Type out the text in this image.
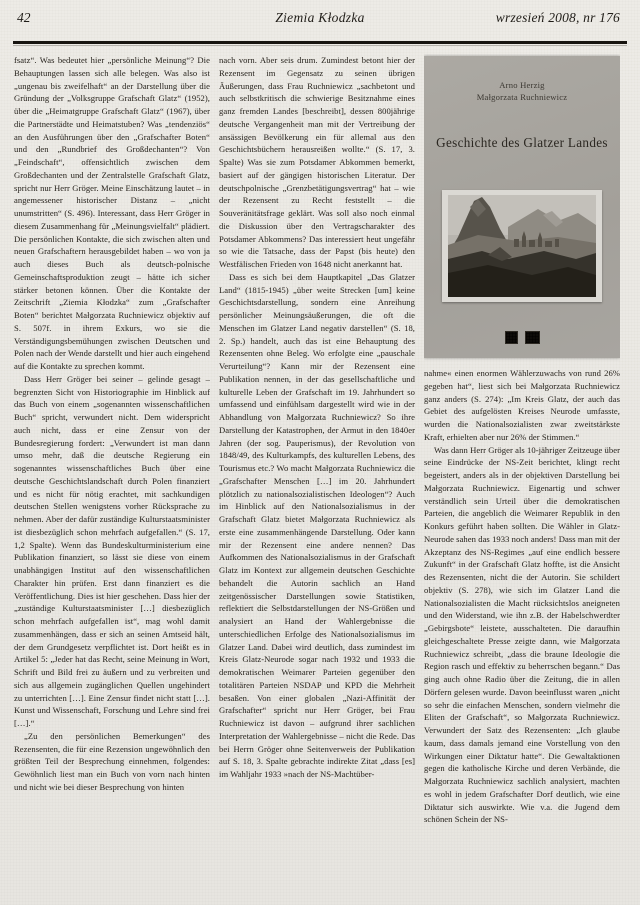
42	Ziemia Kłodzka	wrzesień 2008, nr 176

fsatz“. Was bedeutet hier „persönliche Meinung“? Die Behauptungen lassen sich alle belegen. Was also ist „ungenau bis zweifelhaft“ an der Darstellung über die Gründung der „Volksgruppe Grafschaft Glatz“ (1952), über die „Heimatgruppe Grafschaft Glatz“ (1967), über die Partnerstädte und Heimatstuben? Was „tendenziös“ an den Ausführungen über den „Grafschafter Boten“ und den „Rundbrief des Großdechanten“? Von „Feindschaft“, offensichtlich zwischen dem Großdechanten und der Zentralstelle Grafschaft Glatz, spricht nur Herr Gröger. Meine Einschätzung lautet – in angemessener historischer Distanz – „nicht unumstritten“ (S. 496). Interessant, dass Herr Gröger in diesem Zusammenhang für „Meinungsvielfalt“ plädiert. Die persönlichen Kontakte, die sich zwischen alten und neuen Grafschaftern herausgebildet haben – wo von ja auch dieses Buch als deutsch-polnische Gemeinschaftsproduktion zeugt – hätte ich sicher stärker betonen können. Über die Kontakte der Zeitschrift „Ziemia Kłodzka“ zum „Grafschafter Boten“ berichtet Małgorzata Ruchniewicz objektiv auf S. 507f. in ihrem Exkurs, wo sie die Verständigungsbemühungen zwischen Deutschen und Polen nach der Wende darstellt und hier auch eingehend auf die Kontakte zu sprechen kommt.

Dass Herr Gröger bei seiner – gelinde gesagt – begrenzten Sicht von Historiographie im Hinblick auf das Buch von einem „sogenannten wissenschaftlichen Buch“ spricht, verwundert nicht. Dem widerspricht auch nicht, dass er eine Zensur von der Bundesregierung fordert: „Verwundert ist man dann umso mehr, daß die deutsche Regierung ein sogenanntes wissenschaftliches Buch über eine deutsche Geschichtslandschaft durch Polen finanziert und es nicht für nötig erachtet, mit sachkundigen deutschen Stellen wenigstens vorher Rücksprache zu nehmen. Aber der dafür zuständige Kulturstaatsminister ist diesbezüglich schon mehrfach aufgefallen.“ (S. 17, 1,2 Spalte). Wenn das Bundeskulturministerium eine Publikation finanziert, so lässt sie diese von einem unabhängigen Institut auf den wissenschaftlichen Charakter hin prüfen. Erst dann finanziert es die Veröffentlichung. Dies ist hier geschehen. Dass hier der „zuständige Kulturstaatsminister […] diesbezüglich schon mehrfach aufgefallen ist“, mag wohl damit zusammenhängen, dass er sich an seinen Amtseid hält, der dem Grundgesetz verpflichtet ist. Dort heißt es in Artikel 5: „Jeder hat das Recht, seine Meinung in Wort, Schrift und Bild frei zu äußern und zu verbreiten und sich aus allgemein zugänglichen Quellen ungehindert zu unterrichten […]. Eine Zensur findet nicht statt […]. Kunst und Wissenschaft, Forschung und Lehre sind frei […].“

„Zu den persönlichen Bemerkungen“ des Rezensenten, die für eine Rezension ungewöhnlich den größten Teil der Besprechung einnehmen, folgendes: Gewöhnlich liest man ein Buch von vorn nach hinten und nicht wie bei dieser Besprechung von hinten

nach vorn. Aber seis drum. Zumindest betont hier der Rezensent im Gegensatz zu seinen übrigen Äußerungen, dass Frau Ruchniewicz „sachbetont und auch selbstkritisch die schwierige Besitznahme eines ganz fremden Landes [beschreibt], dessen 800jährige deutsche Vergangenheit man mit der Vertreibung der ansässigen Bevölkerung ein für allemal aus den Geschichtsbüchern herausreißen wollte.“ (S. 17, 3. Spalte) Was sie zum Potsdamer Abkommen bemerkt, basiert auf der gängigen historischen Literatur. Der deutschpolnische „Grenzbetätigungsvertrag“ hat – wie der Rezensent zu Recht feststellt – die Souveränitätsfrage geklärt. Was soll also noch einmal die Diskussion über den Vertragscharakter des Potsdamer Abkommens? Das interessiert heut ungefähr so wie die Tatsache, dass der Papst (bis heute) den Westfälischen Frieden von 1648 nicht anerkannt hat.

Dass es sich bei dem Hauptkapitel „Das Glatzer Land“ (1815-1945) „über weite Strecken [um] keine Geschichtsdarstellung, sondern eine Anreihung persönlicher Meinungsäußerungen, die oft die Menschen im Glatzer Land negativ darstellen“ (S. 18, 2. Sp.) handelt, auch das ist eine Behauptung des Rezensenten ohne Beleg. Wo erfolgte eine „pauschale Verurteilung“? Kann mir der Rezensent eine Publikation nennen, in der das gesellschaftliche und kulturelle Leben der Grafschaft im 19. Jahrhundert so umfassend und einfühlsam dargestellt wird wie in der Abhandlung von Małgorzata Ruchniewicz? So ihre Darstellung der Katastrophen, der Armut in den 1840er Jahren (der sog. Pauperismus), der Revolution von 1848/49, des Kulturkampfs, des kulturellen Lebens, des Tourismus etc.? Wo macht Małgorzata Ruchniewicz die „Grafschafter Menschen […] im 20. Jahrhundert plötzlich zu nationalsozialistischen Ideologen“? Auch im Hinblick auf den Nationalsozialismus in der Grafschaft Glatz bietet Małgorzata Ruchniewicz als erste eine zusammenhängende Darstellung. Oder kann mir der Rezensent eine andere nennen? Das Aufkommen des Nationalsozialismus in der Grafschaft Glatz im Kontext zur allgemein deutschen Geschichte behandelt die Autorin sachlich an Hand zeitgenössischer Darstellungen sowie Statistiken, reflektiert die Selbstdarstellungen der NS-Größen und analysiert an Hand der Wahlergebnisse die unterschiedlichen Erfolge des Nationalsozialismus im Glatzer Land. Dabei wird deutlich, dass zumindest im Kreis Glatz-Neurode sogar nach 1932 und 1933 die demokratischen Weimarer Parteien gegenüber den totalitären Parteien NSDAP und KPD die Mehrheit besaßen. Von einer globalen „Nazi-Affinität der Grafschafter“ spricht nur Herr Gröger, bei Frau Ruchniewicz ist davon – aufgrund ihrer sachlichen Interpretation der Wahlergebnisse – nicht die Rede. Das bei Herrn Gröger ohne Seitenverweis der Publikation auf S. 18, 3. Spalte gebrachte indirekte Zitat „dass [es] im Wahljahr 1933 »nach der NS-Machtüber-

Arno Herzig
Małgorzata Ruchniewicz
Geschichte des Glatzer Landes

nahme« einen enormen Wählerzuwachs von rund 26% gegeben hat“, liest sich bei Małgorzata Ruchniewicz ganz anders (S. 274): „Im Kreis Glatz, der auch das Gebiet des aufgelösten Kreises Neurode umfasste, wurden die Nationalsozialisten zwar zweitstärkste Kraft, erhielten aber nur 26% der Stimmen.“

Was dann Herr Gröger als 10-jähriger Zeitzeuge über seine Eindrücke der NS-Zeit berichtet, klingt recht begeistert, anders als in der objektiven Darstellung bei Małgorzata Ruchniewicz. Eigenartig und schwer verständlich sein Urteil über die demokratischen Parteien, die angeblich die Weimarer Republik in den Konkurs geführt haben sollten. Die Wähler in Glatz-Neurode sahen das 1933 noch anders! Dass man mit der Akzeptanz des NS-Regimes „auf eine endlich bessere Zukunft“ in der Grafschaft Glatz hoffte, ist die Ansicht des Rezensenten, nicht die der Autorin. Sie schildert objektiv (S. 278), wie sich im Glatzer Land die Nationalsozialisten die Macht rücksichtslos aneigneten und den Widerstand, wie ihn z.B. der Habelschwerdter „Gebirgsbote“ leistete, ausschalteten. Die daraufhin gleichgeschaltete Presse zeigte dann, wie Małgorzata Ruchniewicz schreibt, „dass die braune Ideologie die Region rasch und effektiv zu beherrschen begann.“ Das ging auch ohne Radio über die Zeitung, die in allen Dörfern gelesen wurde. Davon beeinflusst waren „nicht so sehr die einfachen Menschen, sondern vielmehr die Eliten der Grafschaft“, so Małgorzata Ruchniewicz. Verwundert der Satz des Rezensenten: „Ich glaube kaum, dass damals jemand eine Vorstellung von den Wirkungen einer Diktatur hatte“. Die Gewaltaktionen gegen die katholische Kirche und deren Verbände, die Małgorzata Ruchniewicz sachlich analysiert, machten es wohl in jedem Grafschafter Dorf deutlich, wie eine Diktatur sich auswirkte. Wie v.a. die Jugend dem schönen Schein der NS-
